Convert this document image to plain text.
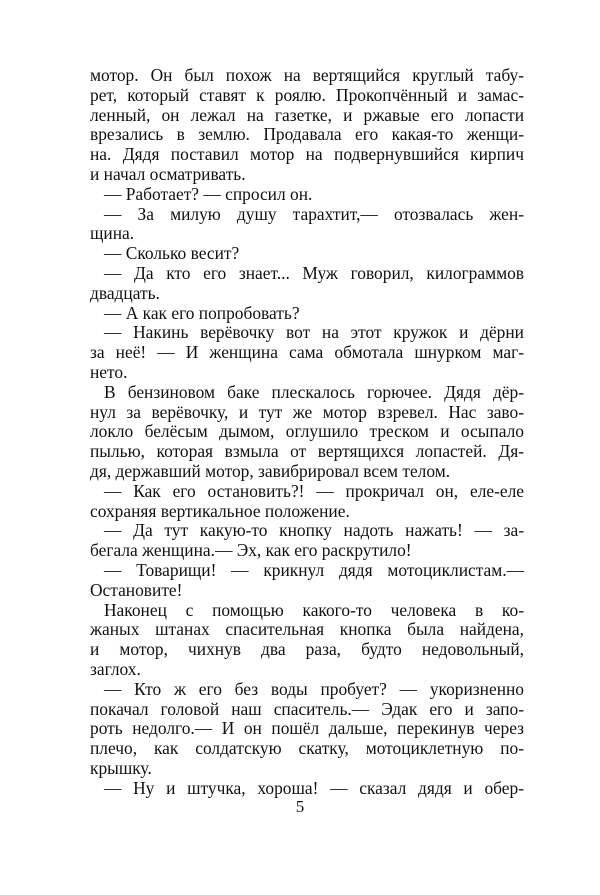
мотор. Он был похож на вертящийся круглый табу-
рет, который ставят к роялю. Прокопчённый и замас-
ленный, он лежал на газетке, и ржавые его лопасти
врезались в землю. Продавала его какая-то женщи-
на. Дядя поставил мотор на подвернувшийся кирпич
и начал осматривать.
— Работает? — спросил он.
— За милую душу тарахтит,— отозвалась жен-
щина.
— Сколько весит?
— Да кто его знает... Муж говорил, килограммов
двадцать.
— А как его попробовать?
— Накинь верёвочку вот на этот кружок и дёрни
за неё! — И женщина сама обмотала шнурком маг-
нето.
В бензиновом баке плескалось горючее. Дядя дёр-
нул за верёвочку, и тут же мотор взревел. Нас заво-
локло белёсым дымом, оглушило треском и осыпало
пылью, которая взмыла от вертящихся лопастей. Дя-
дя, державший мотор, завибрировал всем телом.
— Как его остановить?! — прокричал он, еле-еле
сохраняя вертикальное положение.
— Да тут какую-то кнопку надоть нажать! — за-
бегала женщина.— Эх, как его раскрутило!
— Товарищи! — крикнул дядя мотоциклистам.—
Остановите!
Наконец с помощью какого-то человека в ко-
жаных штанах спасительная кнопка была найдена,
и мотор, чихнув два раза, будто недовольный,
заглох.
— Кто ж его без воды пробует? — укоризненно
покачал головой наш спаситель.— Эдак его и запо-
роть недолго.— И он пошёл дальше, перекинув через
плечо, как солдатскую скатку, мотоциклетную по-
крышку.
— Ну и штучка, хороша! — сказал дядя и обер-
5
